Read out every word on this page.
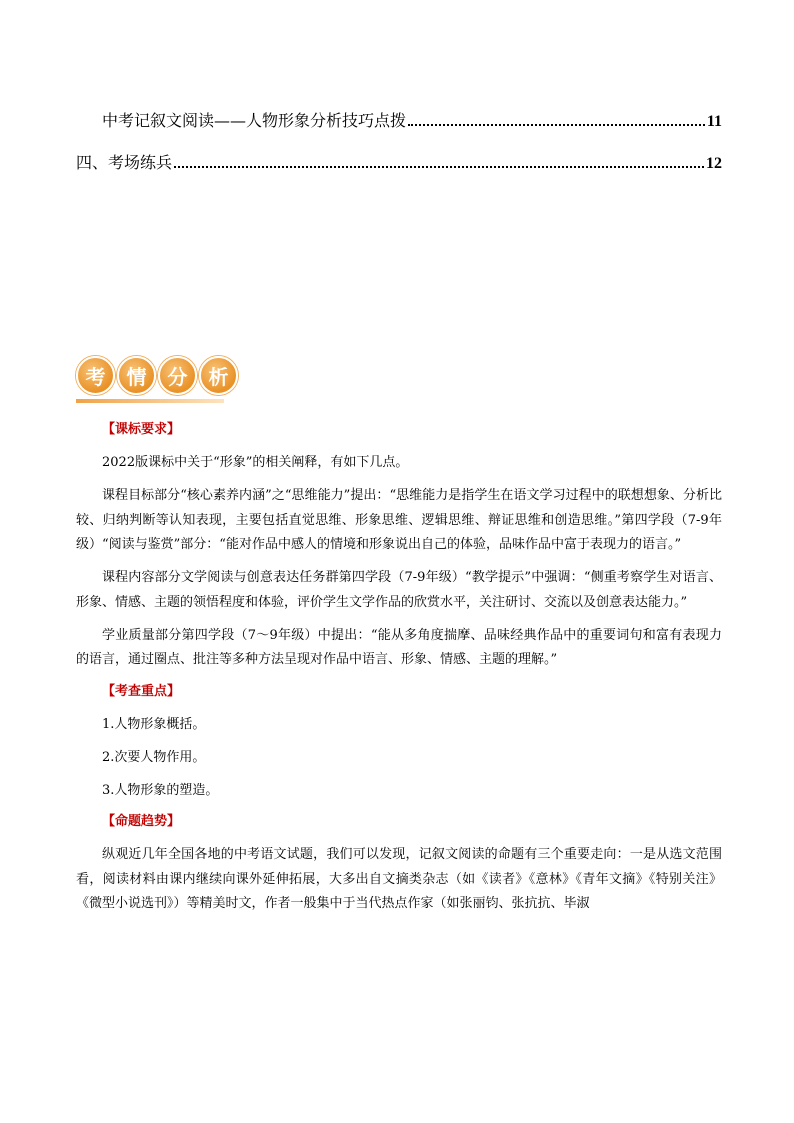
中考记叙文阅读——人物形象分析技巧点拨	11
四、考场练兵	12
考	情	分	析
【课标要求】

2022版课标中关于“形象”的相关阐释，有如下几点。

课程目标部分“核心素养内涵”之“思维能力”提出：“思维能力是指学生在语文学习过程中的联想想象、分析比较、归纳判断等认知表现，主要包括直觉思维、形象思维、逻辑思维、辩证思维和创造思维。”第四学段（7-9年级）“阅读与鉴赏”部分：“能对作品中感人的情境和形象说出自己的体验，品味作品中富于表现力的语言。”

课程内容部分文学阅读与创意表达任务群第四学段（7-9年级）“教学提示”中强调：“侧重考察学生对语言、形象、情感、主题的领悟程度和体验，评价学生文学作品的欣赏水平，关注研讨、交流以及创意表达能力。”

学业质量部分第四学段（7～9年级）中提出：“能从多角度揣摩、品味经典作品中的重要词句和富有表现力的语言，通过圈点、批注等多种方法呈现对作品中语言、形象、情感、主题的理解。”

【考查重点】
1.人物形象概括。
2.次要人物作用。
3.人物形象的塑造。
【命题趋势】

纵观近几年全国各地的中考语文试题，我们可以发现，记叙文阅读的命题有三个重要走向：一是从选文范围看，阅读材料由课内继续向课外延伸拓展，大多出自文摘类杂志（如《读者》《意林》《青年文摘》《特别关注》《微型小说选刊》）等精美时文，作者一般集中于当代热点作家（如张丽钧、张抗抗、毕淑
